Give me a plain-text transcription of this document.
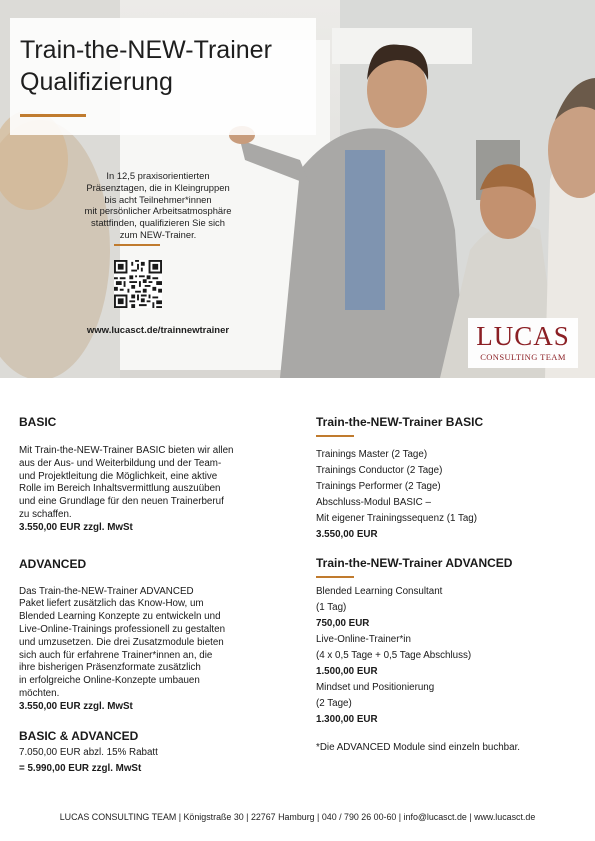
Train-the-NEW-Trainer
Qualifizierung
In 12,5 praxisorientierten
Präsenztagen, die in Kleingruppen
bis acht Teilnehmer*innen
mit persönlicher Arbeitsatmosphäre
stattfinden, qualifizieren Sie sich
zum NEW-Trainer.
www.lucasct.de/trainnewtrainer	LUCAS
CONSULTING TEAM

BASIC

Mit Train-the-NEW-Trainer BASIC bieten wir allen
aus der Aus- und Weiterbildung und der Team-
und Projektleitung die Möglichkeit, eine aktive
Rolle im Bereich Inhaltsvermittlung auszuüben
und eine Grundlage für den neuen Trainerberuf
zu schaffen.

3.550,00 EUR zzgl. MwSt

ADVANCED

Das Train-the-NEW-Trainer ADVANCED
Paket liefert zusätzlich das Know-How, um
Blended Learning Konzepte zu entwickeln und
Live-Online-Trainings professionell zu gestalten
und umzusetzen. Die drei Zusatzmodule bieten
sich auch für erfahrene Trainer*innen an, die
ihre bisherigen Präsenzformate zusätzlich
in erfolgreiche Online-Konzepte umbauen
möchten.

3.550,00 EUR zzgl. MwSt

BASIC & ADVANCED

7.050,00 EUR abzl. 15% Rabatt

= 5.990,00 EUR zzgl. MwSt

Train-the-NEW-Trainer BASIC

Trainings Master (2 Tage)

Trainings Conductor (2 Tage)

Trainings Performer (2 Tage)

Abschluss-Modul BASIC –

Mit eigener Trainingssequenz (1 Tag)

3.550,00 EUR

Train-the-NEW-Trainer ADVANCED

Blended Learning Consultant

(1 Tag)

750,00 EUR

Live-Online-Trainer*in

(4 x 0,5 Tage + 0,5 Tage Abschluss)

1.500,00 EUR

Mindset und Positionierung

(2 Tage)

1.300,00 EUR

*Die ADVANCED Module sind einzeln buchbar.

LUCAS CONSULTING TEAM | Königstraße 30 | 22767 Hamburg | 040 / 790 26 00-60 | info@lucasct.de | www.lucasct.de
